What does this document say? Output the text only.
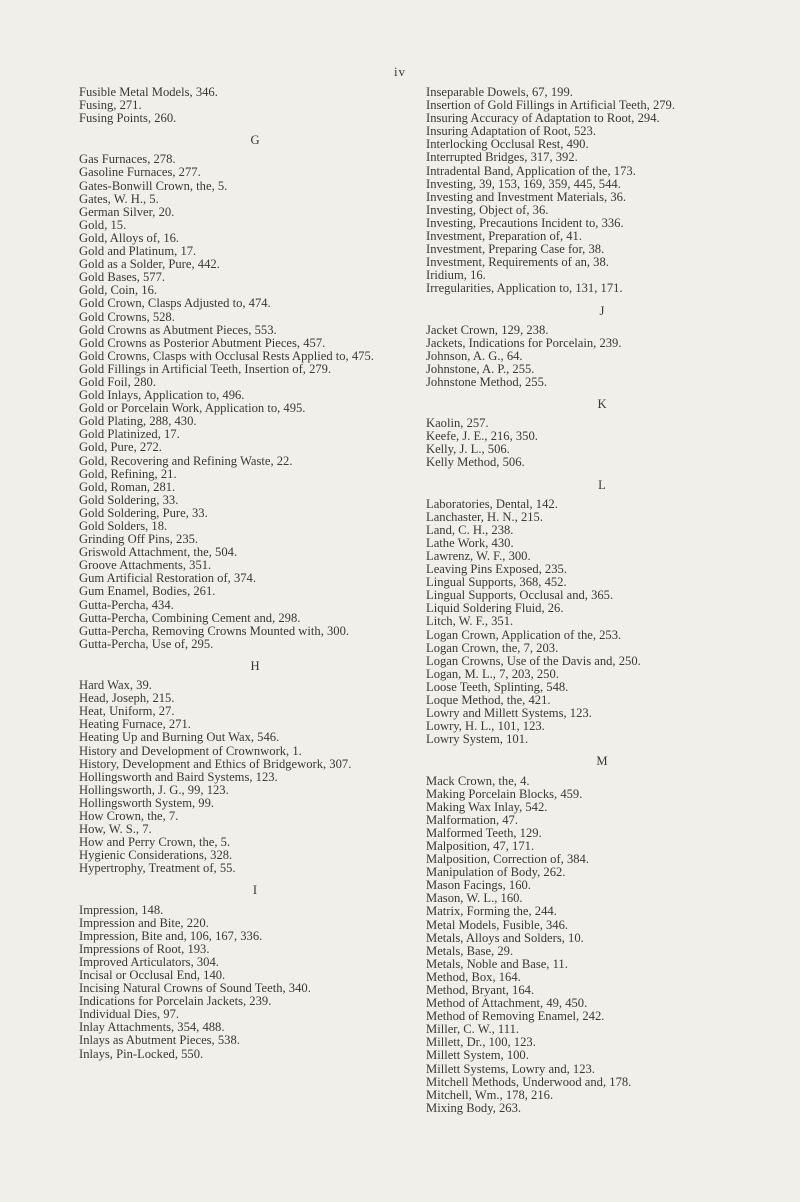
iv
Fusible Metal Models, 346.
Fusing, 271.
Fusing Points, 260.
G
Gas Furnaces, 278.
Gasoline Furnaces, 277.
Gates-Bonwill Crown, the, 5.
Gates, W. H., 5.
German Silver, 20.
Gold, 15.
Gold, Alloys of, 16.
Gold and Platinum, 17.
Gold as a Solder, Pure, 442.
Gold Bases, 577.
Gold, Coin, 16.
Gold Crown, Clasps Adjusted to, 474.
Gold Crowns, 528.
Gold Crowns as Abutment Pieces, 553.
Gold Crowns as Posterior Abutment Pieces, 457.
Gold Crowns, Clasps with Occlusal Rests Applied to, 475.
Gold Fillings in Artificial Teeth, Insertion of, 279.
Gold Foil, 280.
Gold Inlays, Application to, 496.
Gold or Porcelain Work, Application to, 495.
Gold Plating, 288, 430.
Gold Platinized, 17.
Gold, Pure, 272.
Gold, Recovering and Refining Waste, 22.
Gold, Refining, 21.
Gold, Roman, 281.
Gold Soldering, 33.
Gold Soldering, Pure, 33.
Gold Solders, 18.
Grinding Off Pins, 235.
Griswold Attachment, the, 504.
Groove Attachments, 351.
Gum Artificial Restoration of, 374.
Gum Enamel, Bodies, 261.
Gutta-Percha, 434.
Gutta-Percha, Combining Cement and, 298.
Gutta-Percha, Removing Crowns Mounted with, 300.
Gutta-Percha, Use of, 295.
H
Hard Wax, 39.
Head, Joseph, 215.
Heat, Uniform, 27.
Heating Furnace, 271.
Heating Up and Burning Out Wax, 546.
History and Development of Crownwork, 1.
History, Development and Ethics of Bridgework, 307.
Hollingsworth and Baird Systems, 123.
Hollingsworth, J. G., 99, 123.
Hollingsworth System, 99.
How Crown, the, 7.
How, W. S., 7.
How and Perry Crown, the, 5.
Hygienic Considerations, 328.
Hypertrophy, Treatment of, 55.
I
Impression, 148.
Impression and Bite, 220.
Impression, Bite and, 106, 167, 336.
Impressions of Root, 193.
Improved Articulators, 304.
Incisal or Occlusal End, 140.
Incising Natural Crowns of Sound Teeth, 340.
Indications for Porcelain Jackets, 239.
Individual Dies, 97.
Inlay Attachments, 354, 488.
Inlays as Abutment Pieces, 538.
Inlays, Pin-Locked, 550.
Inseparable Dowels, 67, 199.
Insertion of Gold Fillings in Artificial Teeth, 279.
Insuring Accuracy of Adaptation to Root, 294.
Insuring Adaptation of Root, 523.
Interlocking Occlusal Rest, 490.
Interrupted Bridges, 317, 392.
Intradental Band, Application of the, 173.
Investing, 39, 153, 169, 359, 445, 544.
Investing and Investment Materials, 36.
Investing, Object of, 36.
Investing, Precautions Incident to, 336.
Investment, Preparation of, 41.
Investment, Preparing Case for, 38.
Investment, Requirements of an, 38.
Iridium, 16.
Irregularities, Application to, 131, 171.
J
Jacket Crown, 129, 238.
Jackets, Indications for Porcelain, 239.
Johnson, A. G., 64.
Johnstone, A. P., 255.
Johnstone Method, 255.
K
Kaolin, 257.
Keefe, J. E., 216, 350.
Kelly, J. L., 506.
Kelly Method, 506.
L
Laboratories, Dental, 142.
Lanchaster, H. N., 215.
Land, C. H., 238.
Lathe Work, 430.
Lawrenz, W. F., 300.
Leaving Pins Exposed, 235.
Lingual Supports, 368, 452.
Lingual Supports, Occlusal and, 365.
Liquid Soldering Fluid, 26.
Litch, W. F., 351.
Logan Crown, Application of the, 253.
Logan Crown, the, 7, 203.
Logan Crowns, Use of the Davis and, 250.
Logan, M. L., 7, 203, 250.
Loose Teeth, Splinting, 548.
Loque Method, the, 421.
Lowry and Millett Systems, 123.
Lowry, H. L., 101, 123.
Lowry System, 101.
M
Mack Crown, the, 4.
Making Porcelain Blocks, 459.
Making Wax Inlay, 542.
Malformation, 47.
Malformed Teeth, 129.
Malposition, 47, 171.
Malposition, Correction of, 384.
Manipulation of Body, 262.
Mason Facings, 160.
Mason, W. L., 160.
Matrix, Forming the, 244.
Metal Models, Fusible, 346.
Metals, Alloys and Solders, 10.
Metals, Base, 29.
Metals, Noble and Base, 11.
Method, Box, 164.
Method, Bryant, 164.
Method of Attachment, 49, 450.
Method of Removing Enamel, 242.
Miller, C. W., 111.
Millett, Dr., 100, 123.
Millett System, 100.
Millett Systems, Lowry and, 123.
Mitchell Methods, Underwood and, 178.
Mitchell, Wm., 178, 216.
Mixing Body, 263.
